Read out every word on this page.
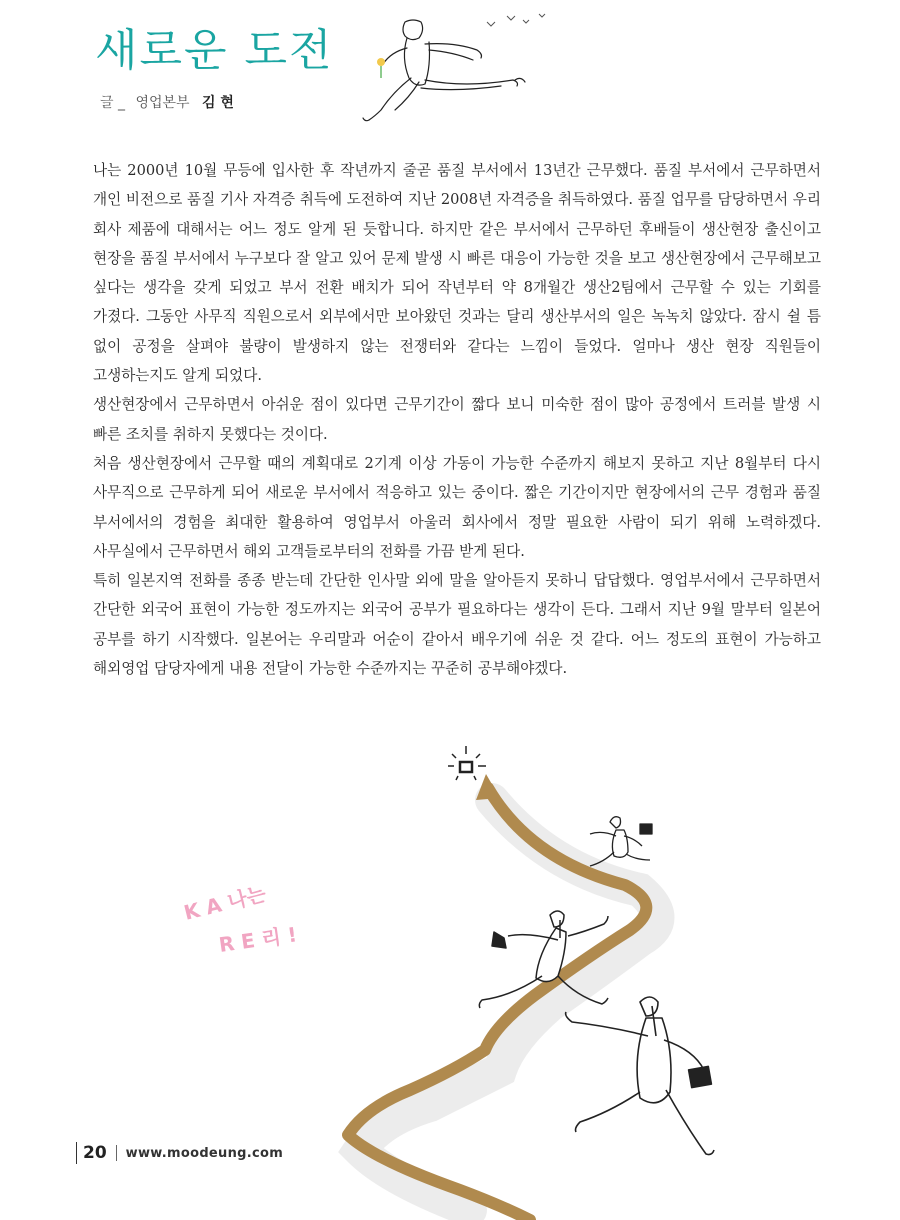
새로운 도전
글 _ 영업본부 김 현

나는 2000년 10월 무등에 입사한 후 작년까지 줄곧 품질 부서에서 13년간 근무했다. 품질 부서에서 근무하면서 개인 비전으로 품질 기사 자격증 취득에 도전하여 지난 2008년 자격증을 취득하였다. 품질 업무를 담당하면서 우리 회사 제품에 대해서는 어느 정도 알게 된 듯합니다. 하지만 같은 부서에서 근무하던 후배들이 생산현장 출신이고 현장을 품질 부서에서 누구보다 잘 알고 있어 문제 발생 시 빠른 대응이 가능한 것을 보고 생산현장에서 근무해보고 싶다는 생각을 갖게 되었고 부서 전환 배치가 되어 작년부터 약 8개월간 생산2팀에서 근무할 수 있는 기회를 가졌다. 그동안 사무직 직원으로서 외부에서만 보아왔던 것과는 달리 생산부서의 일은 녹녹치 않았다. 잠시 쉴 틈 없이 공정을 살펴야 불량이 발생하지 않는 전쟁터와 같다는 느낌이 들었다. 얼마나 생산 현장 직원들이 고생하는지도 알게 되었다.

생산현장에서 근무하면서 아쉬운 점이 있다면 근무기간이 짧다 보니 미숙한 점이 많아 공정에서 트러블 발생 시 빠른 조치를 취하지 못했다는 것이다.

처음 생산현장에서 근무할 때의 계획대로 2기계 이상 가동이 가능한 수준까지 해보지 못하고 지난 8월부터 다시 사무직으로 근무하게 되어 새로운 부서에서 적응하고 있는 중이다. 짧은 기간이지만 현장에서의 근무 경험과 품질 부서에서의 경험을 최대한 활용하여 영업부서 아울러 회사에서 정말 필요한 사람이 되기 위해 노력하겠다. 사무실에서 근무하면서 해외 고객들로부터의 전화를 가끔 받게 된다.

특히 일본지역 전화를 종종 받는데 간단한 인사말 외에 말을 알아듣지 못하니 답답했다. 영업부서에서 근무하면서 간단한 외국어 표현이 가능한 정도까지는 외국어 공부가 필요하다는 생각이 든다. 그래서 지난 9월 말부터 일본어 공부를 하기 시작했다. 일본어는 우리말과 어순이 같아서 배우기에 쉬운 것 같다. 어느 정도의 표현이 가능하고 해외영업 담당자에게 내용 전달이 가능한 수준까지는 꾸준히 공부해야겠다.

K A 나는
R E 리 !
20 www.moodeung.com
